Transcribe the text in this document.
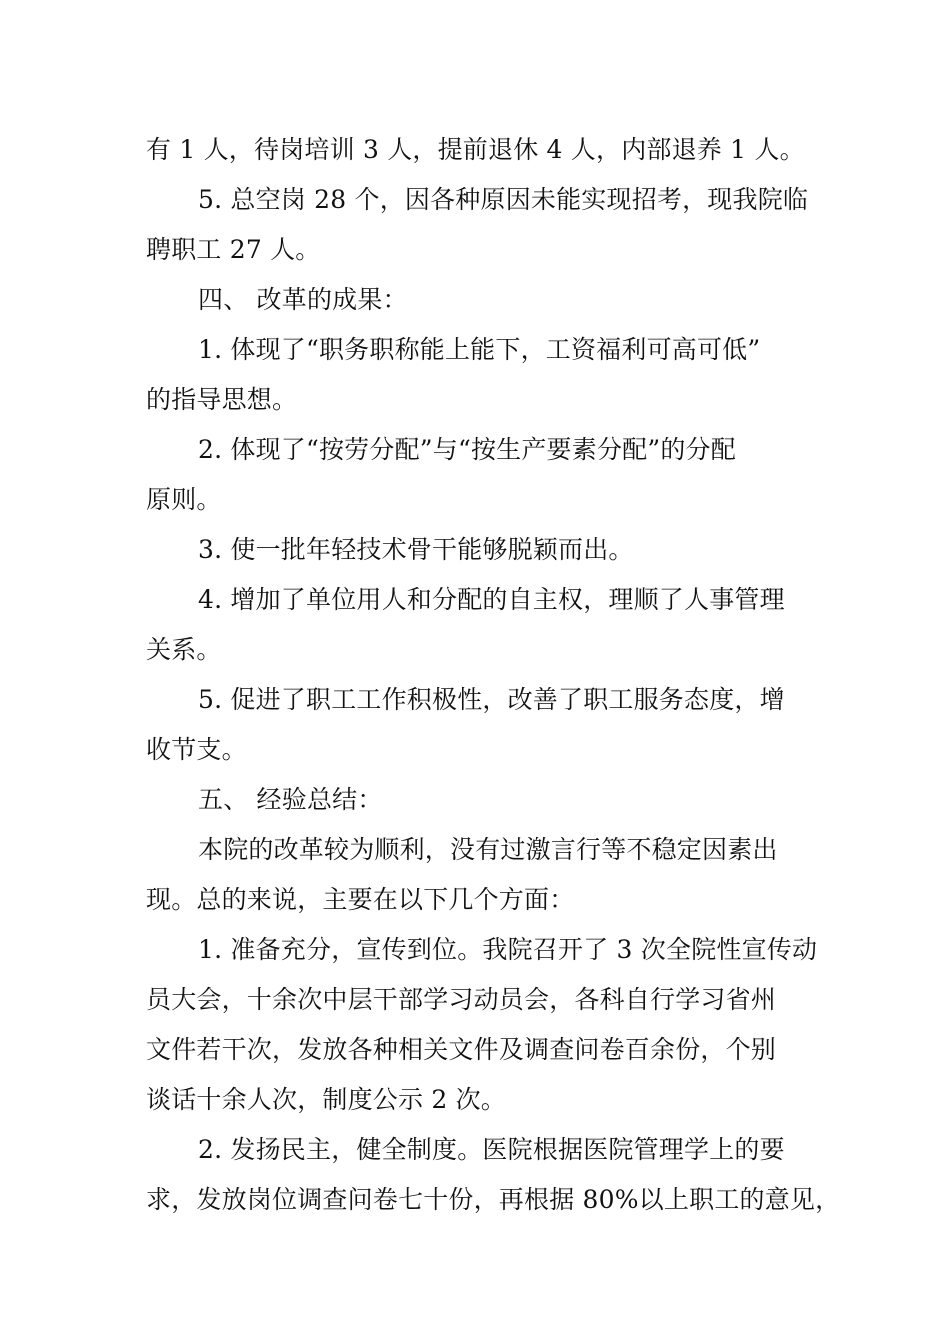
有 1 人，待岗培训 3 人，提前退休 4 人，内部退养 1 人。
5. 总空岗 28 个，因各种原因未能实现招考，现我院临
聘职工 27 人。
四、 改革的成果：
1. 体现了“职务职称能上能下，工资福利可高可低”
的指导思想。
2. 体现了“按劳分配”与“按生产要素分配”的分配
原则。
3. 使一批年轻技术骨干能够脱颖而出。
4. 增加了单位用人和分配的自主权，理顺了人事管理
关系。
5. 促进了职工工作积极性，改善了职工服务态度，增
收节支。
五、 经验总结：
本院的改革较为顺利，没有过激言行等不稳定因素出
现。总的来说，主要在以下几个方面：
1. 准备充分，宣传到位。我院召开了 3 次全院性宣传动
员大会，十余次中层干部学习动员会，各科自行学习省州
文件若干次，发放各种相关文件及调查问卷百余份，个别
谈话十余人次，制度公示 2 次。
2. 发扬民主，健全制度。医院根据医院管理学上的要
求，发放岗位调查问卷七十份，再根据 80%以上职工的意见，
